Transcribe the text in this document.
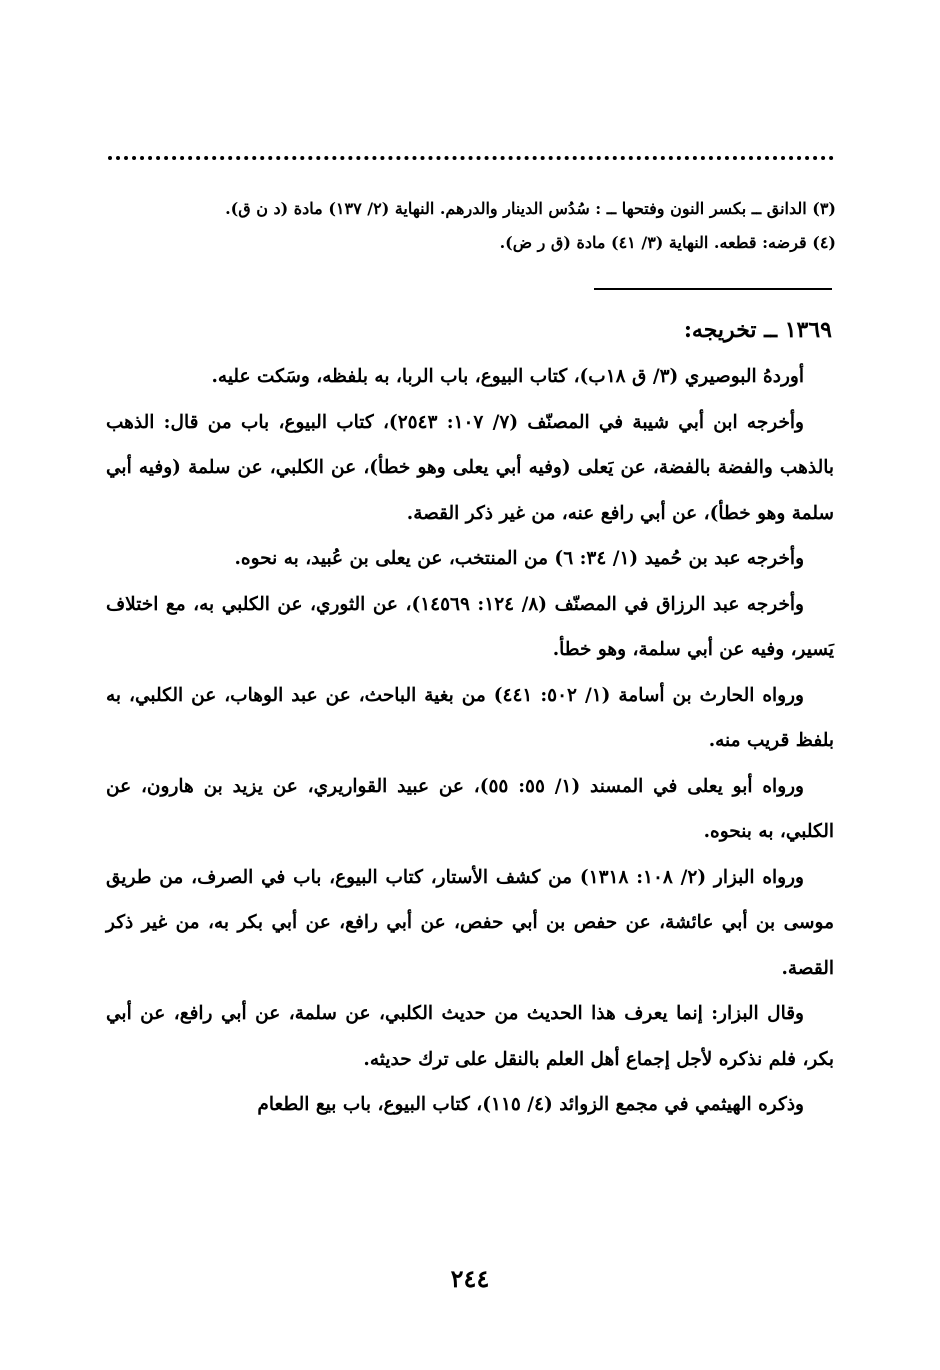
(٣) الدانق ــ بكسر النون وفتحها ــ : سُدُس الدينار والدرهم. النهاية (٢/ ١٣٧) مادة (د ن ق).
(٤) قرضه: قطعه. النهاية (٣/ ٤١) مادة (ق ر ض).
١٣٦٩ ــ تخريجه:

أوردهُ البوصيري (٣/ ق ١٨ب)، كتاب البيوع، باب الربا، به بلفظه، وسَكت عليه.

وأخرجه ابن أبي شيبة في المصنّف (٧/ ١٠٧: ٢٥٤٣)، كتاب البيوع، باب من قال: الذهب بالذهب والفضة بالفضة، عن يَعلى (وفيه أبي يعلى وهو خطأ)، عن الكلبي، عن سلمة (وفيه أبي سلمة وهو خطأ)، عن أبي رافع عنه، من غير ذكر القصة.

وأخرجه عبد بن حُميد (١/ ٣٤: ٦) من المنتخب، عن يعلى بن عُبيد، به نحوه.

وأخرجه عبد الرزاق في المصنّف (٨/ ١٢٤: ١٤٥٦٩)، عن الثوري، عن الكلبي به، مع اختلاف يَسير، وفيه عن أبي سلمة، وهو خطأ.

ورواه الحارث بن أسامة (١/ ٥٠٢: ٤٤١) من بغية الباحث، عن عبد الوهاب، عن الكلبي، به بلفظ قريب منه.

ورواه أبو يعلى في المسند (١/ ٥٥: ٥٥)، عن عبيد القواريري، عن يزيد بن هارون، عن الكلبي، به بنحوه.

ورواه البزار (٢/ ١٠٨: ١٣١٨) من كشف الأستار، كتاب البيوع، باب في الصرف، من طريق موسى بن أبي عائشة، عن حفص بن أبي حفص، عن أبي رافع، عن أبي بكر به، من غير ذكر القصة.

وقال البزار: إنما يعرف هذا الحديث من حديث الكلبي، عن سلمة، عن أبي رافع، عن أبي بكر، فلم نذكره لأجل إجماع أهل العلم بالنقل على ترك حديثه.

وذكره الهيثمي في مجمع الزوائد (٤/ ١١٥)، كتاب البيوع، باب بيع الطعام

٢٤٤
